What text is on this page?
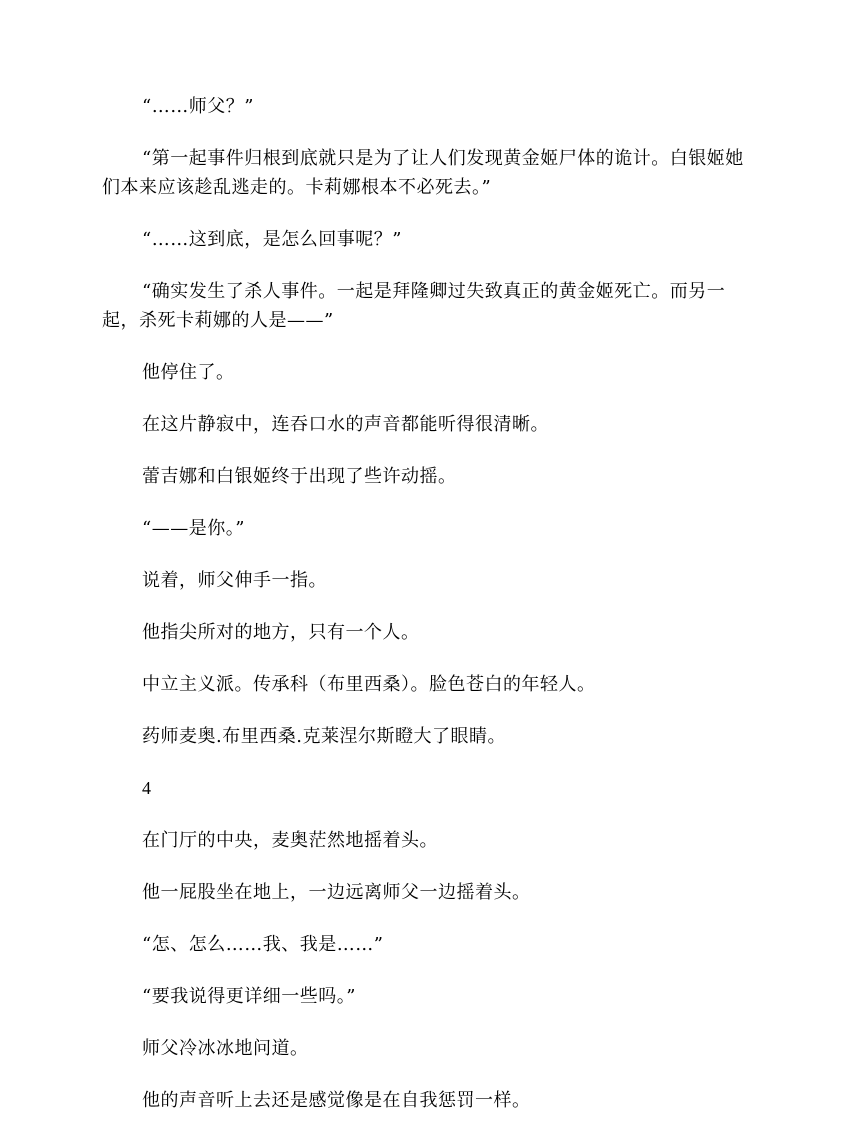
“……师父？”

“第一起事件归根到底就只是为了让人们发现黄金姬尸体的诡计。白银姬她们本来应该趁乱逃走的。卡莉娜根本不必死去。”

“……这到底，是怎么回事呢？”

“确实发生了杀人事件。一起是拜隆卿过失致真正的黄金姬死亡。而另一起，杀死卡莉娜的人是——”

他停住了。

在这片静寂中，连吞口水的声音都能听得很清晰。

蕾吉娜和白银姬终于出现了些许动摇。

“——是你。”

说着，师父伸手一指。

他指尖所对的地方，只有一个人。

中立主义派。传承科（布里西桑）。脸色苍白的年轻人。

药师麦奥.布里西桑.克莱涅尔斯瞪大了眼睛。

4

在门厅的中央，麦奥茫然地摇着头。

他一屁股坐在地上，一边远离师父一边摇着头。

“怎、怎么……我、我是……”

“要我说得更详细一些吗。”

师父冷冰冰地问道。

他的声音听上去还是感觉像是在自我惩罚一样。
